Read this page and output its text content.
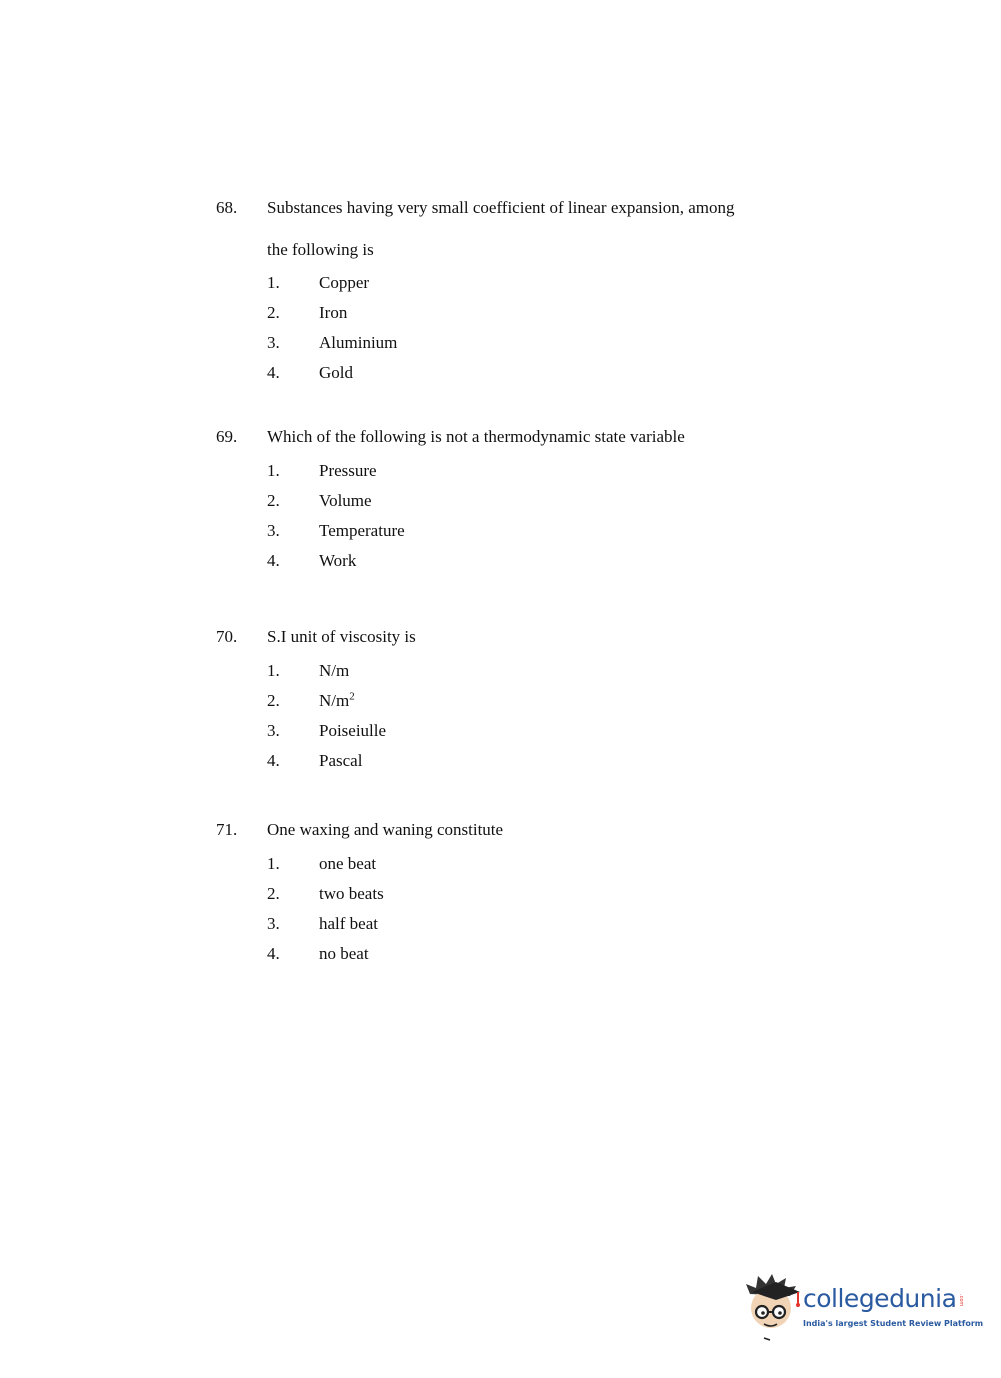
68. Substances having very small coefficient of linear expansion, among
the following is
1. Copper
2. Iron
3. Aluminium
4. Gold
69. Which of the following is not a thermodynamic state variable
1. Pressure
2. Volume
3. Temperature
4. Work
70. S.I unit of viscosity is
1. N/m
2. $N/m^2$
3. Poiseiulle
4. Pascal
71. One waxing and waning constitute
1. one beat
2. two beats
3. half beat
4. no beat
collegedunia .com
India's largest Student Review Platform
